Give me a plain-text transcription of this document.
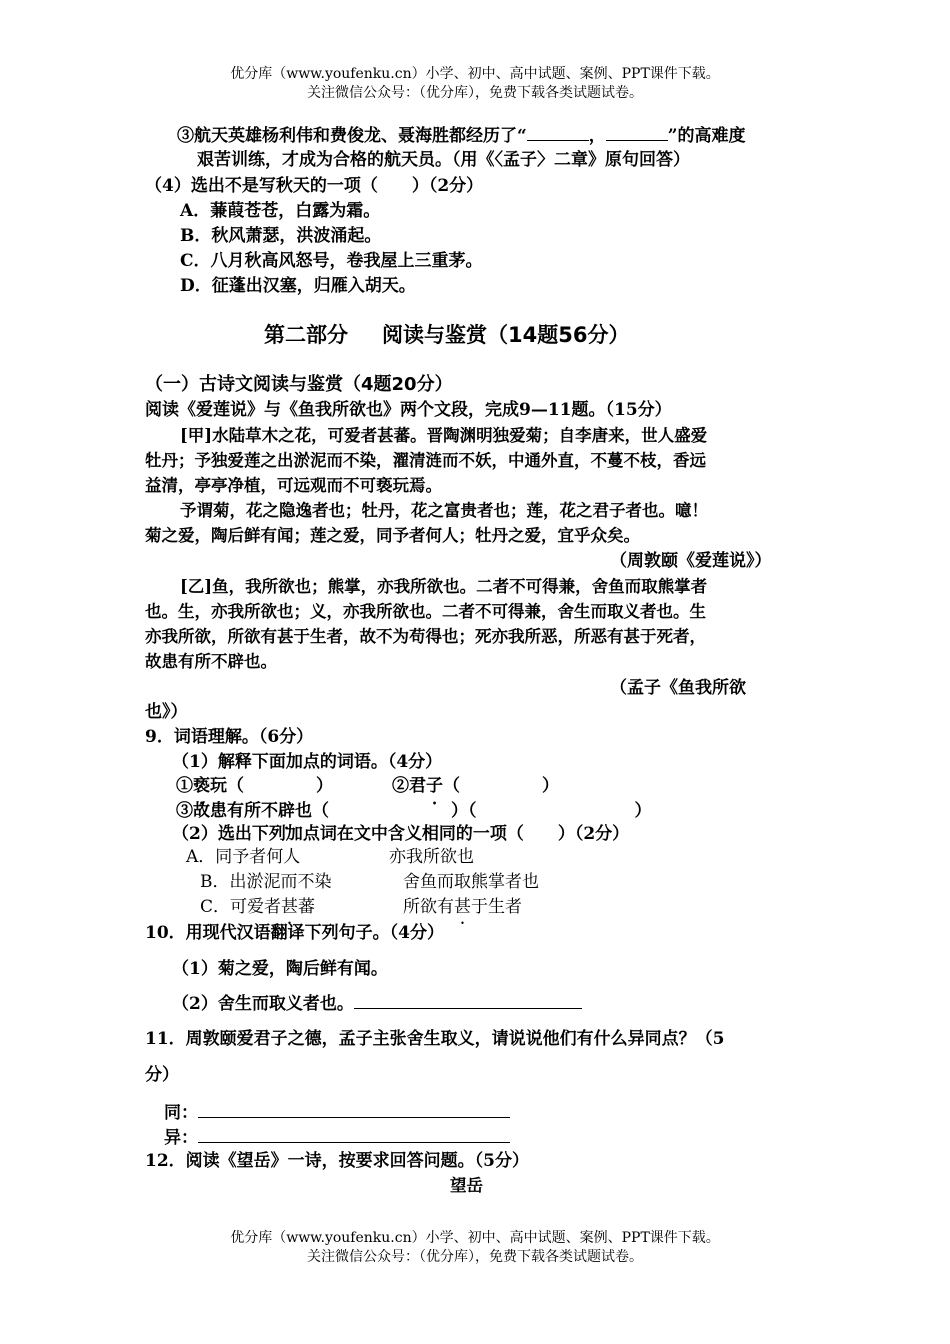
优分库（www.youfenku.cn）小学、初中、高中试题、案例、PPT课件下载。
关注微信公众号：（优分库），免费下载各类试题试卷。
③航天英雄杨利伟和费俊龙、聂海胜都经历了“	，	”的高难度
艰苦训练，才成为合格的航天员。（用《〈孟子〉二章》原句回答）
（4）选出不是写秋天的一项（　　）（2分）
A．蒹葭苍苍，白露为霜。
B．秋风萧瑟，洪波涌起。
C．八月秋高风怒号，卷我屋上三重茅。
D．征蓬出汉塞，归雁入胡天。
第二部分 阅读与鉴赏（14题56分）
（一）古诗文阅读与鉴赏（4题20分）
阅读《爱莲说》与《鱼我所欲也》两个文段，完成9—11题。（15分）
[甲]水陆草木之花，可爱者甚蕃。晋陶渊明独爱菊；自李唐来，世人盛爱
牡丹；予独爱莲之出淤泥而不染，濯清涟而不妖，中通外直，不蔓不枝，香远
益清，亭亭净植，可远观而不可亵玩焉。
予谓菊，花之隐逸者也；牡丹，花之富贵者也；莲，花之君子者也。噫！
菊之爱，陶后鲜有闻；莲之爱，同予者何人；牡丹之爱，宜乎众矣。
（周敦颐《爱莲说》）
[乙]鱼，我所欲也；熊掌，亦我所欲也。二者不可得兼，舍鱼而取熊掌者
也。生，亦我所欲也；义，亦我所欲也。二者不可得兼，舍生而取义者也。生
亦我所欲，所欲有甚于生者，故不为苟得也；死亦我所恶，所恶有甚于死者，
故患有所不辟也。
（孟子《鱼我所欲
也》）
9．词语理解。（6分）
（1）解释下面加点的词语。（4分）
①亵玩（	）	②君子（	）
③故患有所不辟也（	）（	）
（2）选出下列加点词在文中含义相同的一项（　　）（2分）
A．同予者何人	亦我所欲也
B．出淤泥而不染	舍鱼而取熊掌者也
C．可爱者甚蕃	所欲有甚于生者
10．用现代汉语翻译下列句子。（4分）
（1）菊之爱，陶后鲜有闻。
（2）舍生而取义者也。
11．周敦颐爱君子之德，孟子主张舍生取义，请说说他们有什么异同点？（5
分）
同：
异：
12．阅读《望岳》一诗，按要求回答问题。（5分）
望岳
优分库（www.youfenku.cn）小学、初中、高中试题、案例、PPT课件下载。
关注微信公众号：（优分库），免费下载各类试题试卷。
